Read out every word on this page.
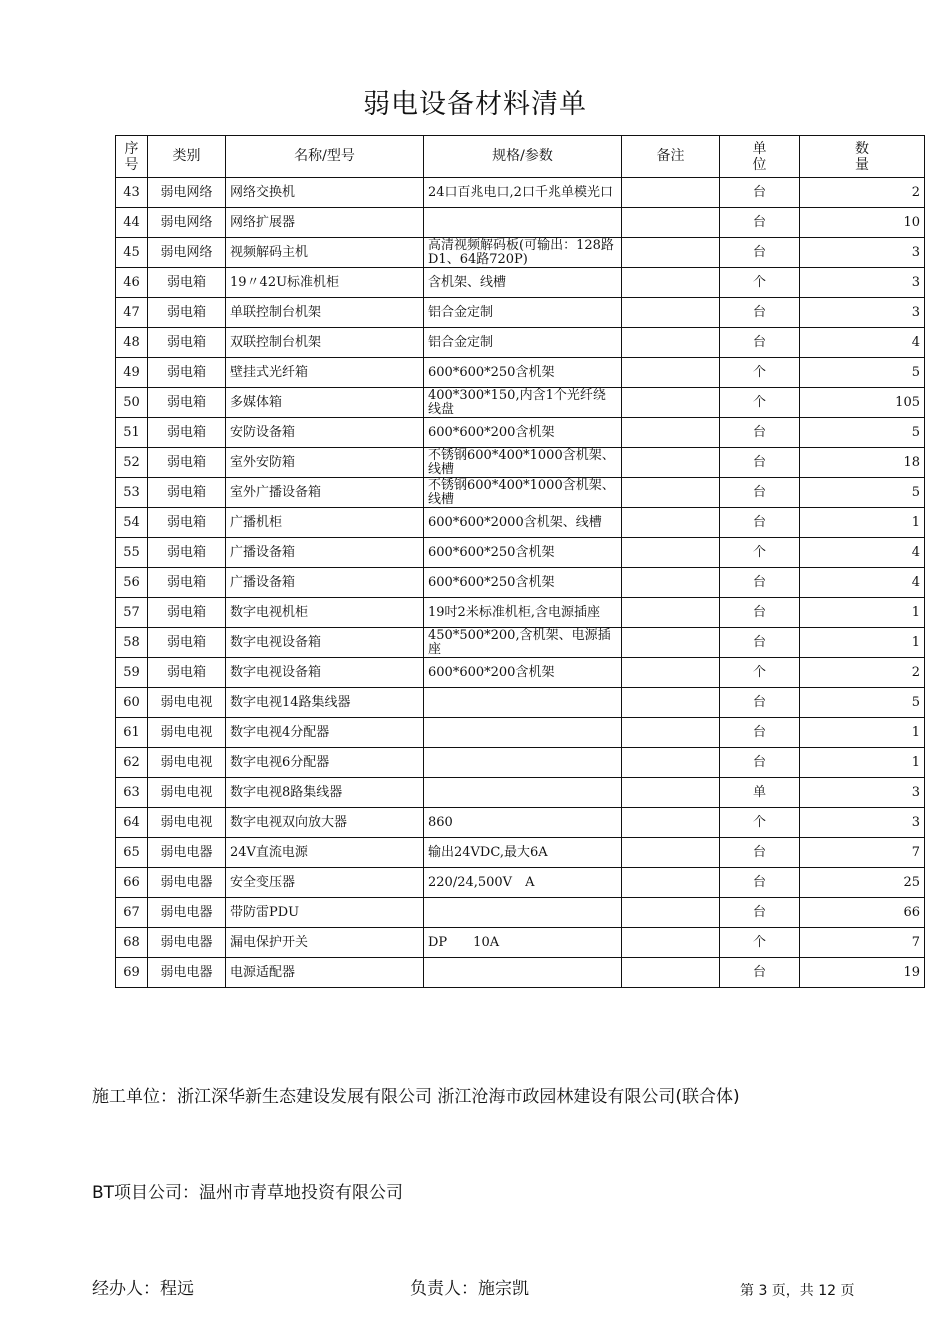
弱电设备材料清单
序号	类别	名称/型号	规格/参数	备注	单位	数量

43	弱电网络	网络交换机	24口百兆电口,2口千兆单模光口		台	2
44	弱电网络	网络扩展器			台	10
45	弱电网络	视频解码主机	高清视频解码板(可输出：128路D1、64路720P)		台	3
46	弱电箱	19〃42U标准机柜	含机架、线槽		个	3
47	弱电箱	单联控制台机架	铝合金定制		台	3
48	弱电箱	双联控制台机架	铝合金定制		台	4
49	弱电箱	壁挂式光纤箱	600*600*250含机架		个	5
50	弱电箱	多媒体箱	400*300*150,内含1个光纤绕线盘		个	105
51	弱电箱	安防设备箱	600*600*200含机架		台	5
52	弱电箱	室外安防箱	不锈钢600*400*1000含机架、线槽		台	18
53	弱电箱	室外广播设备箱	不锈钢600*400*1000含机架、线槽		台	5
54	弱电箱	广播机柜	600*600*2000含机架、线槽		台	1
55	弱电箱	广播设备箱	600*600*250含机架		个	4
56	弱电箱	广播设备箱	600*600*250含机架		台	4
57	弱电箱	数字电视机柜	19吋2米标准机柜,含电源插座		台	1
58	弱电箱	数字电视设备箱	450*500*200,含机架、电源插座		台	1
59	弱电箱	数字电视设备箱	600*600*200含机架		个	2
60	弱电电视	数字电视14路集线器			台	5
61	弱电电视	数字电视4分配器			台	1
62	弱电电视	数字电视6分配器			台	1
63	弱电电视	数字电视8路集线器			单	3
64	弱电电视	数字电视双向放大器	860		个	3
65	弱电电器	24V直流电源	输出24VDC,最大6A		台	7
66	弱电电器	安全变压器	220/24,500V　A		台	25
67	弱电电器	带防雷PDU			台	66
68	弱电电器	漏电保护开关	DP　　10A		个	7
69	弱电电器	电源适配器			台	19
施工单位：浙江深华新生态建设发展有限公司 浙江沧海市政园林建设有限公司(联合体)
BT项目公司：温州市青草地投资有限公司
经办人：程远	负责人：施宗凯	第 3 页，共 12 页
